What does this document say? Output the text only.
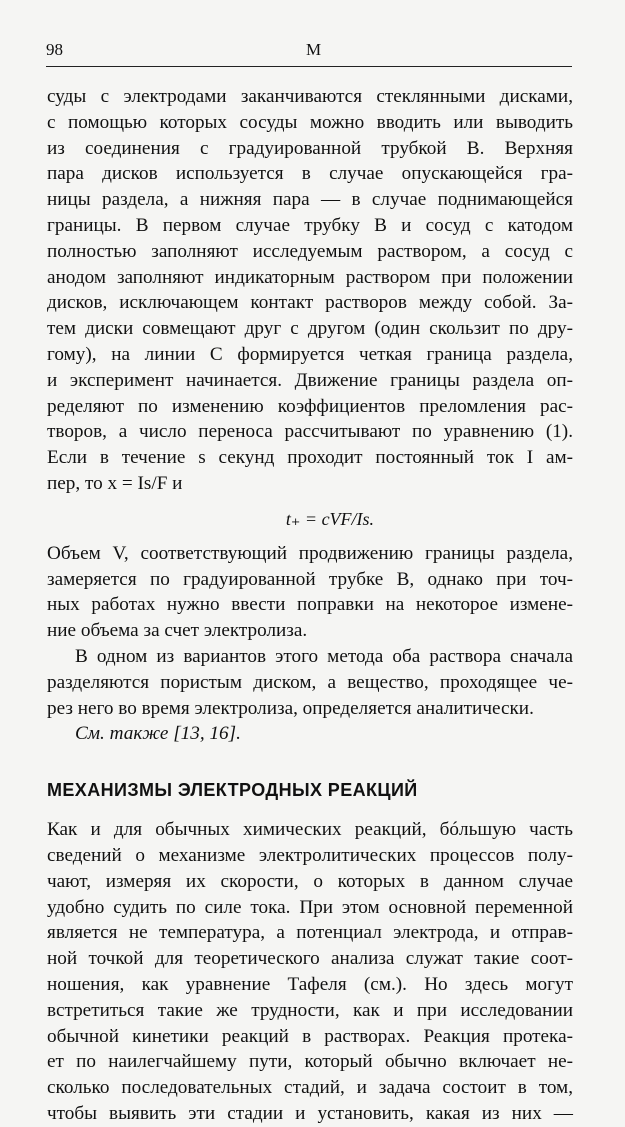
98	М
суды с электродами заканчиваются стеклянными дисками,
с помощью которых сосуды можно вводить или выводить
из соединения с градуированной трубкой B. Верхняя
пара дисков используется в случае опускающейся гра-
ницы раздела, а нижняя пара — в случае поднимающейся
границы. В первом случае трубку B и сосуд с катодом
полностью заполняют исследуемым раствором, а сосуд с
анодом заполняют индикаторным раствором при положении
дисков, исключающем контакт растворов между собой. За-
тем диски совмещают друг с другом (один скользит по дру-
гому), на линии C формируется четкая граница раздела,
и эксперимент начинается. Движение границы раздела оп-
ределяют по изменению коэффициентов преломления рас-
творов, а число переноса рассчитывают по уравнению (1).
Если в течение s секунд проходит постоянный ток I ам-
пер, то x = Is/F и
t₊ = cVF/Is.
Объем V, соответствующий продвижению границы раздела,
замеряется по градуированной трубке B, однако при точ-
ных работах нужно ввести поправки на некоторое измене-
ние объема за счет электролиза.
В одном из вариантов этого метода оба раствора сначала
разделяются пористым диском, а вещество, проходящее че-
рез него во время электролиза, определяется аналитически.
См. также [13, 16].
МЕХАНИЗМЫ ЭЛЕКТРОДНЫХ РЕАКЦИЙ
Как и для обычных химических реакций, бóльшую часть
сведений о механизме электролитических процессов полу-
чают, измеряя их скорости, о которых в данном случае
удобно судить по силе тока. При этом основной переменной
является не температура, а потенциал электрода, и отправ-
ной точкой для теоретического анализа служат такие соот-
ношения, как уравнение Тафеля (см.). Но здесь могут
встретиться такие же трудности, как и при исследовании
обычной кинетики реакций в растворах. Реакция протека-
ет по наилегчайшему пути, который обычно включает не-
сколько последовательных стадий, и задача состоит в том,
чтобы выявить эти стадии и установить, какая из них —
